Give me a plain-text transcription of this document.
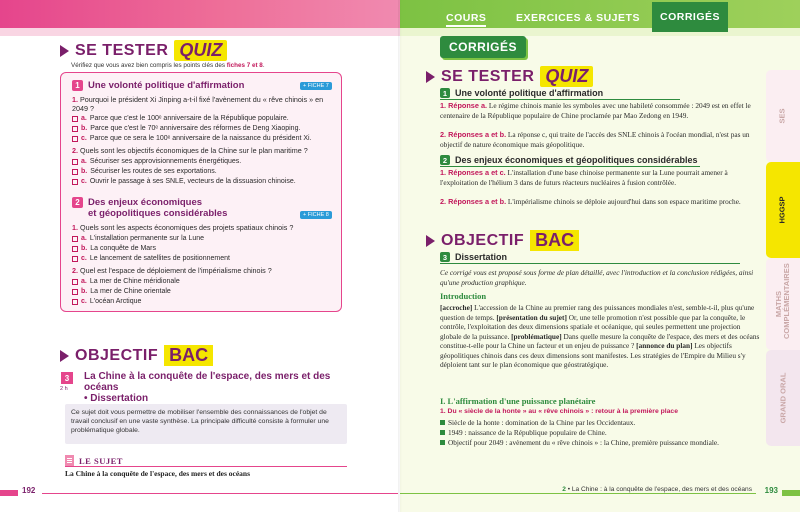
SE TESTER QUIZ
Vérifiez que vous avez bien compris les points clés des fiches 7 et 8.
1 Une volonté politique d'affirmation	+ FICHE 7
1. Pourquoi le président Xi Jinping a-t-il fixé l'avènement du « rêve chinois » en 2049 ?
a. Parce que c'est le 100ᵉ anniversaire de la République populaire.
b. Parce que c'est le 70ᵉ anniversaire des réformes de Deng Xiaoping.
c. Parce que ce sera le 100ᵉ anniversaire de la naissance du président Xi.
2. Quels sont les objectifs économiques de la Chine sur le plan maritime ?
a. Sécuriser ses approvisionnements énergétiques.
b. Sécuriser les routes de ses exportations.
c. Ouvrir le passage à ses SNLE, vecteurs de la dissuasion chinoise.
2 Des enjeux économiques
et géopolitiques considérables	+ FICHE 8
1. Quels sont les aspects économiques des projets spatiaux chinois ?
a. L'installation permanente sur la Lune
b. La conquête de Mars
c. Le lancement de satellites de positionnement
2. Quel est l'espace de déploiement de l'impérialisme chinois ?
a. La mer de Chine méridionale
b. La mer de Chine orientale
c. L'océan Arctique
OBJECTIF BAC
3
2 h
La Chine à la conquête de l'espace, des mers et des océans
• Dissertation
Ce sujet doit vous permettre de mobiliser l'ensemble des connaissances de l'objet de travail conclusif en une vaste synthèse. La principale difficulté consiste à formuler une problématique globale.
LE SUJET
La Chine à la conquête de l'espace, des mers et des océans
192
COURS	EXERCICES & SUJETS	CORRIGÉS
CORRIGÉS
SE TESTER QUIZ
1 Une volonté politique d'affirmation
1. Réponse a. Le régime chinois manie les symboles avec une habileté consommée : 2049 est en effet le centenaire de la République populaire de Chine proclamée par Mao Zedong en 1949.
2. Réponses a et b. La réponse c, qui traite de l'accès des SNLE chinois à l'océan mondial, n'est pas un objectif de nature économique mais géopolitique.
2 Des enjeux économiques et géopolitiques considérables
1. Réponses a et c. L'installation d'une base chinoise permanente sur la Lune pourrait amener à l'exploitation de l'hélium 3 dans de futurs réacteurs nucléaires à fusion contrôlée.
2. Réponses a et b. L'impérialisme chinois se déploie aujourd'hui dans son espace maritime proche.
OBJECTIF BAC
3 Dissertation
Ce corrigé vous est proposé sous forme de plan détaillé, avec l'introduction et la conclusion rédigées, ainsi qu'une production graphique.
Introduction
[accroche] L'accession de la Chine au premier rang des puissances mondiales n'est, semble-t-il, plus qu'une question de temps. [présentation du sujet] Or, une telle promotion n'est possible que par la conquête, le contrôle, l'exploitation des deux dimensions spatiale et océanique, qui seules permettent une projection globale de la puissance. [problématique] Dans quelle mesure la conquête de l'espace, des mers et des océans constitue-t-elle pour la Chine un facteur et un enjeu de puissance ? [annonce du plan] Les objectifs géopolitiques chinois dans ces deux dimensions sont manifestes. Les stratégies de l'Empire du Milieu s'y déploient tant sur le plan économique que géostratégique.
I. L'affirmation d'une puissance planétaire
1. Du « siècle de la honte » au « rêve chinois » : retour à la première place
Siècle de la honte : domination de la Chine par les Occidentaux.
1949 : naissance de la République populaire de Chine.
Objectif pour 2049 : avènement du « rêve chinois » : la Chine, première puissance mondiale.
SES
HGGSP
MATHS COMPLÉMENTAIRES
GRAND ORAL
2 • La Chine : à la conquête de l'espace, des mers et des océans 193
